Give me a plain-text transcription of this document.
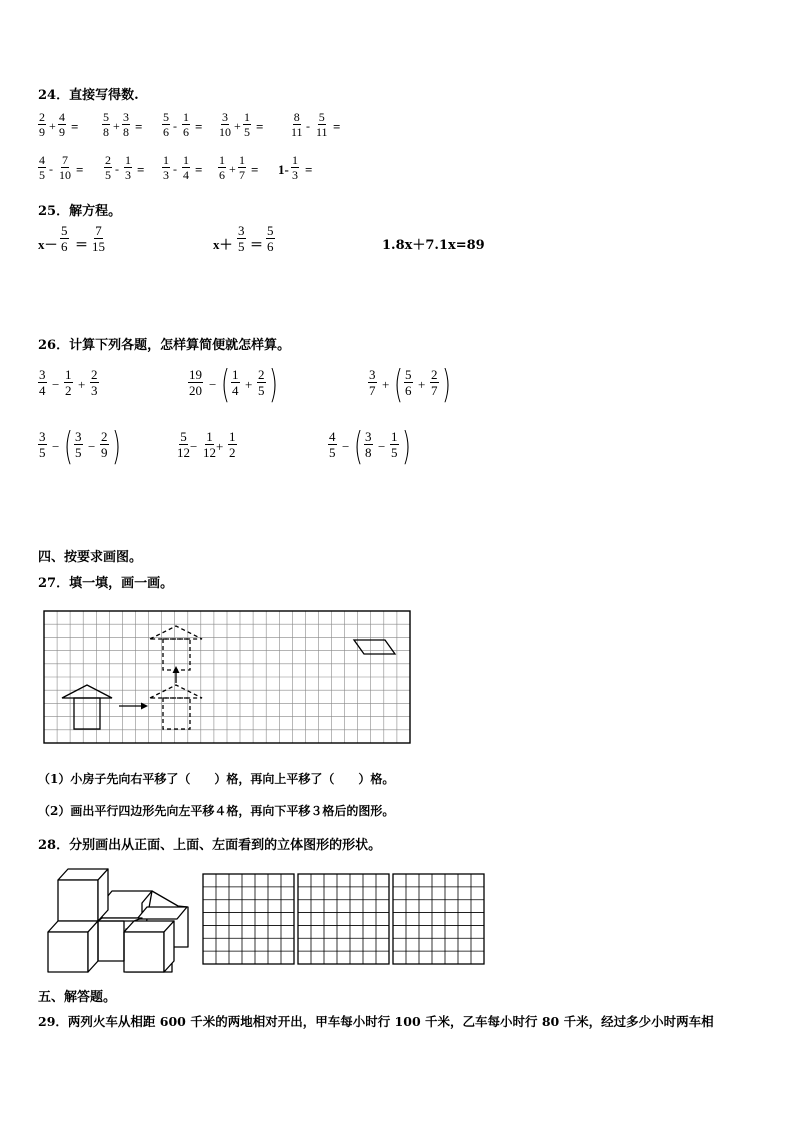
24．直接写得数.
$\frac{2}{9} + \frac{4}{9} = \frac{5}{8} + \frac{3}{8} = \frac{5}{6} - \frac{1}{6} = \frac{3}{10} + \frac{1}{5} = \frac{8}{11} - \frac{5}{11}$ =
$\frac{4}{5} - \frac{7}{10} = \frac{2}{5} - \frac{1}{3} = \frac{1}{3} - \frac{1}{4} = \frac{1}{6} + \frac{1}{7} = 1- \frac{1}{3}$ =
25．解方程。
$x- \frac{5}{6} = \frac{7}{15}$	$x+ \frac{3}{5} = \frac{5}{6}$	1.8x＋7.1x=89
26．计算下列各题，怎样算简便就怎样算。
$\frac{3}{4} - \frac{1}{2} + \frac{2}{3}$	$\frac{19}{20}$ − ( $\frac{1}{4} + \frac{2}{5}$ )	$\frac{3}{7}$ + ( $\frac{5}{6} + \frac{2}{7}$ )
$\frac{3}{5}$ − ( $\frac{3}{5} - \frac{2}{9}$ )	$\frac{5}{12} - \frac{1}{12} + \frac{1}{2}$	$\frac{4}{5}$ − ( $\frac{3}{8} - \frac{1}{5}$ )
四、按要求画图。
27．填一填，画一画。
（1）小房子先向右平移了（　　）格，再向上平移了（　　）格。
（2）画出平行四边形先向左平移４格，再向下平移３格后的图形。
28．分别画出从正面、上面、左面看到的立体图形的形状。
五、解答题。
29．两列火车从相距 600 千米的两地相对开出，甲车每小时行 100 千米，乙车每小时行 80 千米，经过多少小时两车相
